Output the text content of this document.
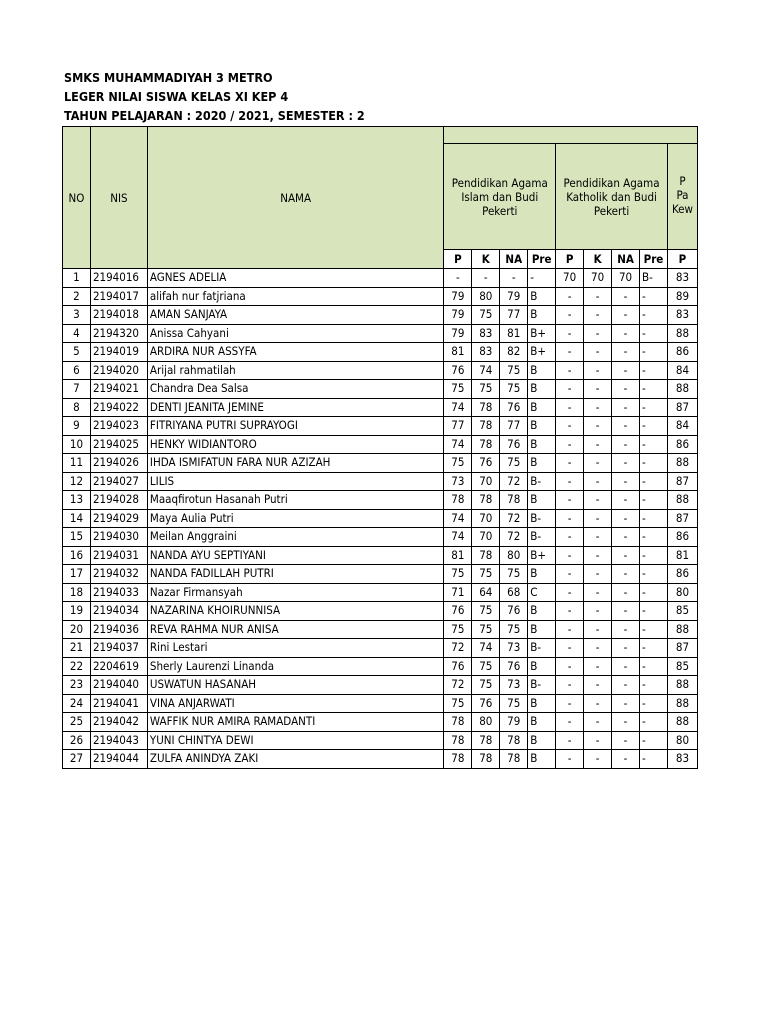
SMKS MUHAMMADIYAH 3 METRO
LEGER NILAI SISWA KELAS XI KEP 4
TAHUN PELAJARAN : 2020 / 2021, SEMESTER : 2
NO	NIS	NAMA									
			Pendidikan Agama Islam dan Budi Pekerti				Pendidikan Agama Katholik dan Budi Pekerti				P
Pa
Kew
			P	K	NA	Pre	P	K	NA	Pre	P
1	2194016	AGNES ADELIA	-	-	-	-	70	70	70	B-	83
2	2194017	alifah nur fatjriana	79	80	79	B	-	-	-	-	89
3	2194018	AMAN SANJAYA	79	75	77	B	-	-	-	-	83
4	2194320	Anissa Cahyani	79	83	81	B+	-	-	-	-	88
5	2194019	ARDIRA NUR ASSYFA	81	83	82	B+	-	-	-	-	86
6	2194020	Arijal rahmatilah	76	74	75	B	-	-	-	-	84
7	2194021	Chandra Dea Salsa	75	75	75	B	-	-	-	-	88
8	2194022	DENTI JEANITA JEMINE	74	78	76	B	-	-	-	-	87
9	2194023	FITRIYANA PUTRI SUPRAYOGI	77	78	77	B	-	-	-	-	84
10	2194025	HENKY WIDIANTORO	74	78	76	B	-	-	-	-	86
11	2194026	IHDA ISMIFATUN FARA NUR AZIZAH	75	76	75	B	-	-	-	-	88
12	2194027	LILIS	73	70	72	B-	-	-	-	-	87
13	2194028	Maaqfirotun Hasanah Putri	78	78	78	B	-	-	-	-	88
14	2194029	Maya Aulia Putri	74	70	72	B-	-	-	-	-	87
15	2194030	Meilan Anggraini	74	70	72	B-	-	-	-	-	86
16	2194031	NANDA AYU SEPTIYANI	81	78	80	B+	-	-	-	-	81
17	2194032	NANDA FADILLAH PUTRI	75	75	75	B	-	-	-	-	86
18	2194033	Nazar Firmansyah	71	64	68	C	-	-	-	-	80
19	2194034	NAZARINA KHOIRUNNISA	76	75	76	B	-	-	-	-	85
20	2194036	REVA RAHMA NUR ANISA	75	75	75	B	-	-	-	-	88
21	2194037	Rini Lestari	72	74	73	B-	-	-	-	-	87
22	2204619	Sherly Laurenzi Linanda	76	75	76	B	-	-	-	-	85
23	2194040	USWATUN HASANAH	72	75	73	B-	-	-	-	-	88
24	2194041	VINA ANJARWATI	75	76	75	B	-	-	-	-	88
25	2194042	WAFFIK NUR AMIRA RAMADANTI	78	80	79	B	-	-	-	-	88
26	2194043	YUNI CHINTYA DEWI	78	78	78	B	-	-	-	-	80
27	2194044	ZULFA ANINDYA ZAKI	78	78	78	B	-	-	-	-	83
